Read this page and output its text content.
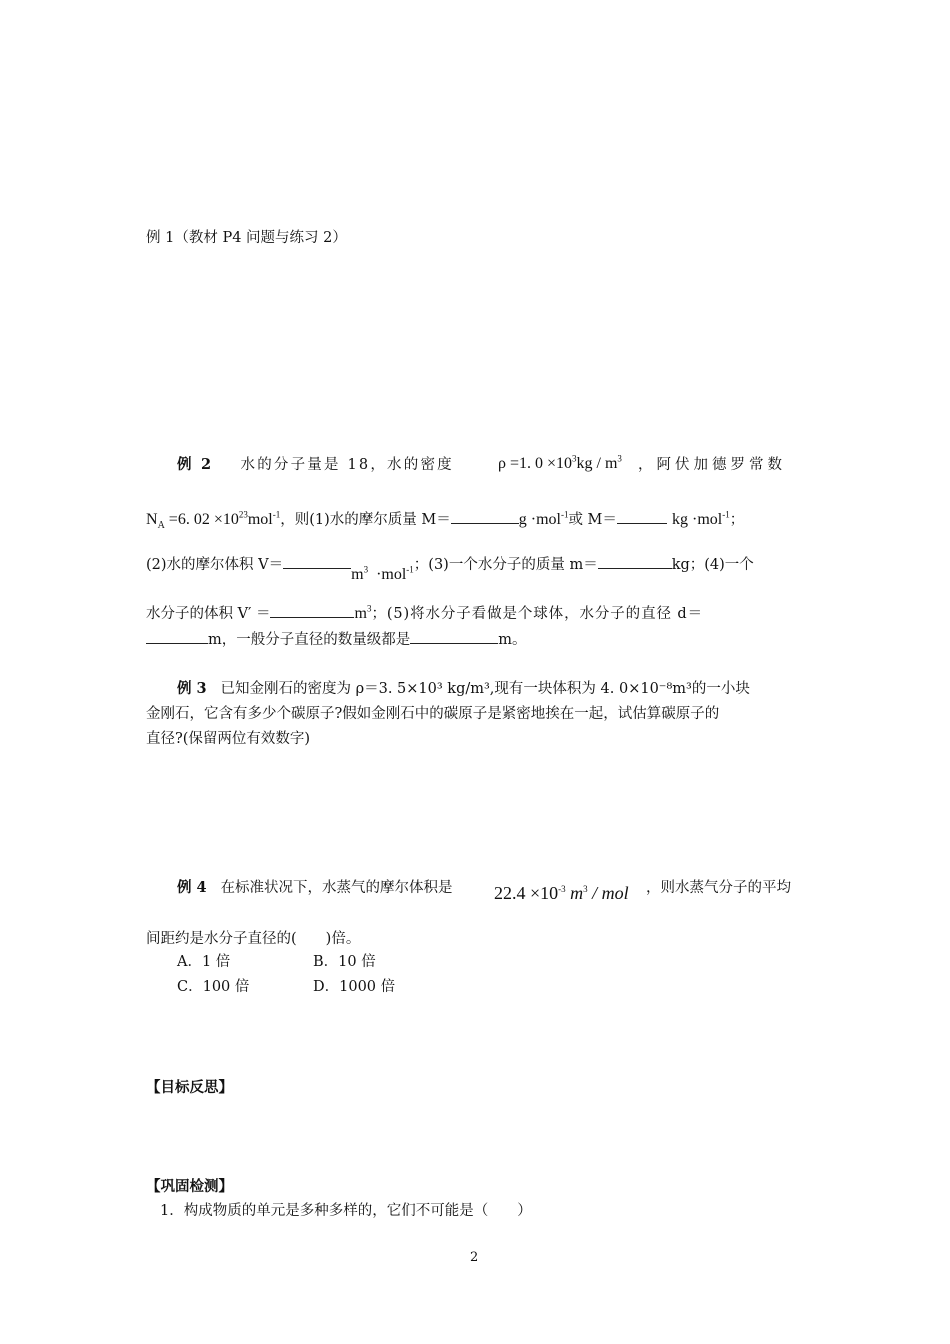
例 1（教材 P4 问题与练习 2）
例 2 水的分子量是 18，水的密度	ρ =1. $0 \times 10^3kg / m^3$ ，阿伏加德罗常数
$N_A =6$. $02 \times 10^{23}mol^{-1}$，则(1)水的摩尔质量 M＝	g ·mol$^{-1}$或 M＝	kg ·mol$^{-1}$；
(2)水的摩尔体积 $V=m^3 \cdot mol^{-1}$；(3)一个水分子的质量 m＝	kg；(4)一个
水分子的体积 V′ ＝	$m^3$；(5)将水分子看做是个球体，水分子的直径 d＝
m，一般分子直径的数量级都是	m。
例 3 已知金刚石的密度为 ρ＝3. 5×10³ kg/m³,现有一块体积为 4. 0×10⁻⁸m³的一小块
金刚石，它含有多少个碳原子?假如金刚石中的碳原子是紧密地挨在一起，试估算碳原子的
直径?(保留两位有效数字)
例 4 在标准状况下，水蒸气的摩尔体积是 $22.4 \times 10^{-3}$ $m^3$ / mol ，则水蒸气分子的平均
间距约是水分子直径的(　　)倍。
A．1 倍	B．10 倍
C．100 倍	D．1000 倍
【目标反思】
【巩固检测】
1．构成物质的单元是多种多样的，它们不可能是（　　）
2
